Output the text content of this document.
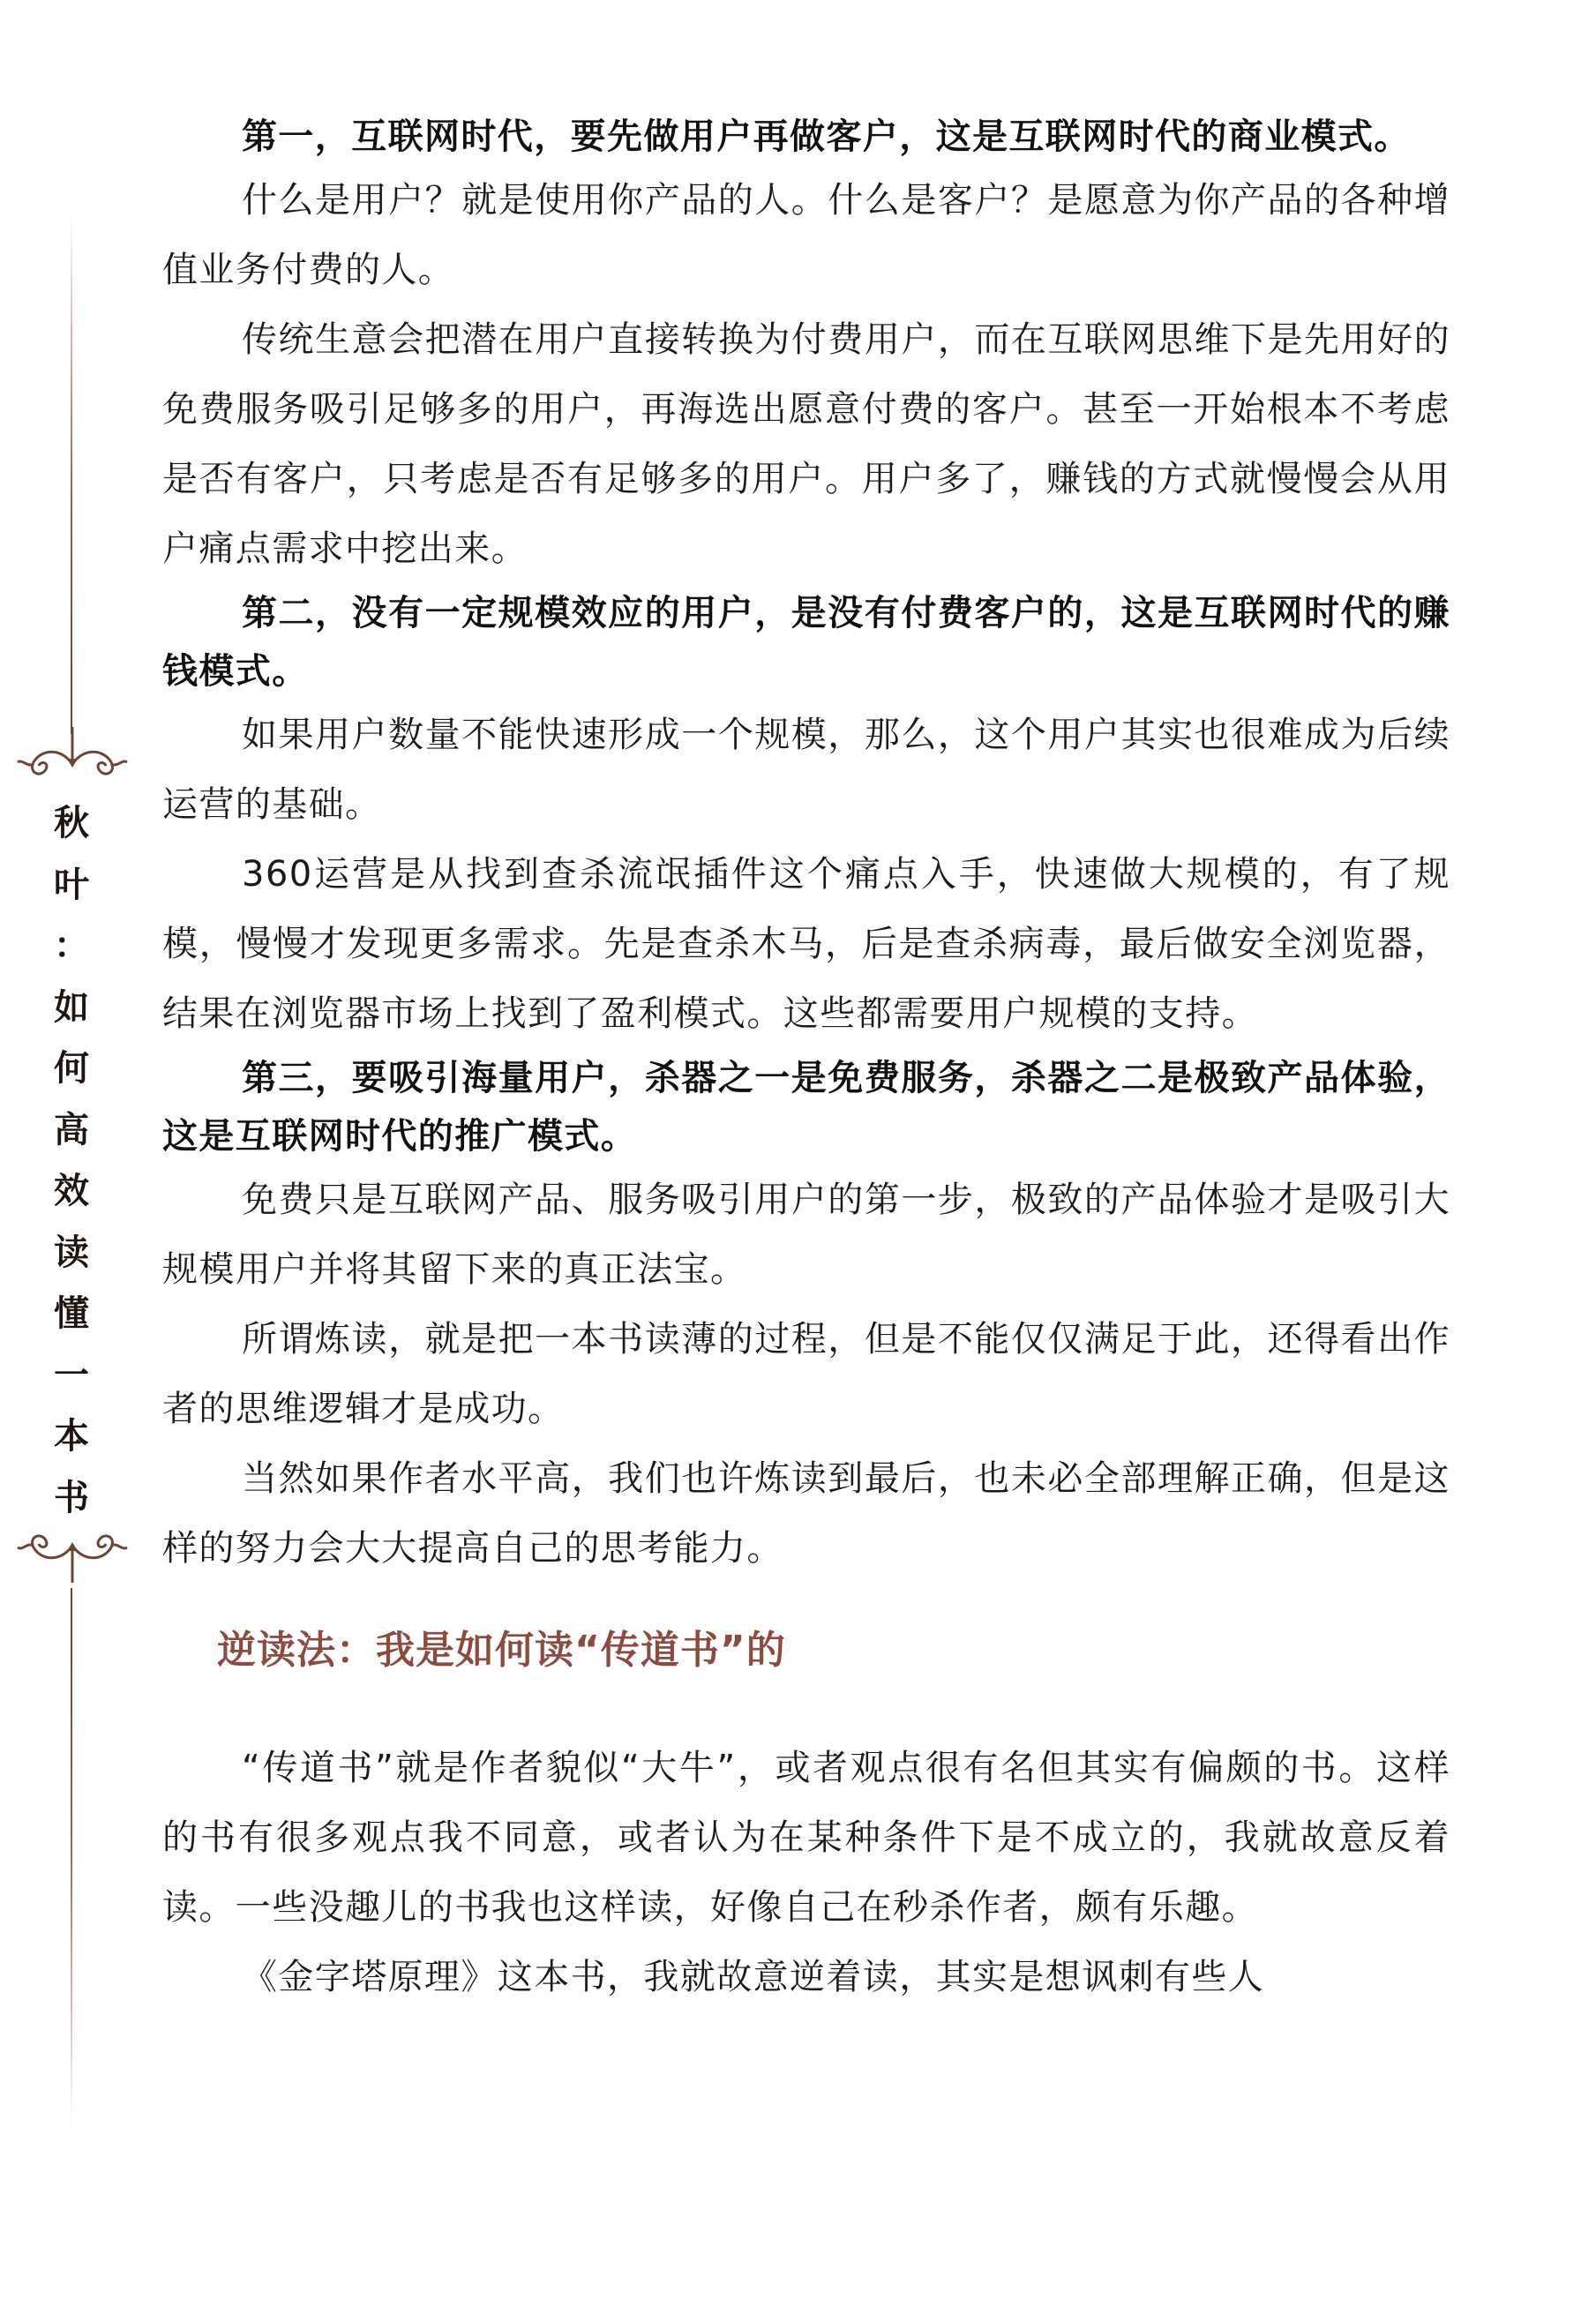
秋
叶
：
如
何
高
效
读
懂
一
本
书

第一，互联网时代，要先做用户再做客户，这是互联网时代的商业模式。

什么是用户？就是使用你产品的人。什么是客户？是愿意为你产品的各种增值业务付费的人。

传统生意会把潜在用户直接转换为付费用户，而在互联网思维下是先用好的免费服务吸引足够多的用户，再海选出愿意付费的客户。甚至一开始根本不考虑是否有客户，只考虑是否有足够多的用户。用户多了，赚钱的方式就慢慢会从用户痛点需求中挖出来。

第二，没有一定规模效应的用户，是没有付费客户的，这是互联网时代的赚钱模式。

如果用户数量不能快速形成一个规模，那么，这个用户其实也很难成为后续运营的基础。

360运营是从找到查杀流氓插件这个痛点入手，快速做大规模的，有了规模，慢慢才发现更多需求。先是查杀木马，后是查杀病毒，最后做安全浏览器，结果在浏览器市场上找到了盈利模式。这些都需要用户规模的支持。

第三，要吸引海量用户，杀器之一是免费服务，杀器之二是极致产品体验，这是互联网时代的推广模式。

免费只是互联网产品、服务吸引用户的第一步，极致的产品体验才是吸引大规模用户并将其留下来的真正法宝。

所谓炼读，就是把一本书读薄的过程，但是不能仅仅满足于此，还得看出作者的思维逻辑才是成功。

当然如果作者水平高，我们也许炼读到最后，也未必全部理解正确，但是这样的努力会大大提高自己的思考能力。

逆读法：我是如何读“传道书”的

“传道书”就是作者貌似“大牛”，或者观点很有名但其实有偏颇的书。这样的书有很多观点我不同意，或者认为在某种条件下是不成立的，我就故意反着读。一些没趣儿的书我也这样读，好像自己在秒杀作者，颇有乐趣。

《金字塔原理》这本书，我就故意逆着读，其实是想讽刺有些人
